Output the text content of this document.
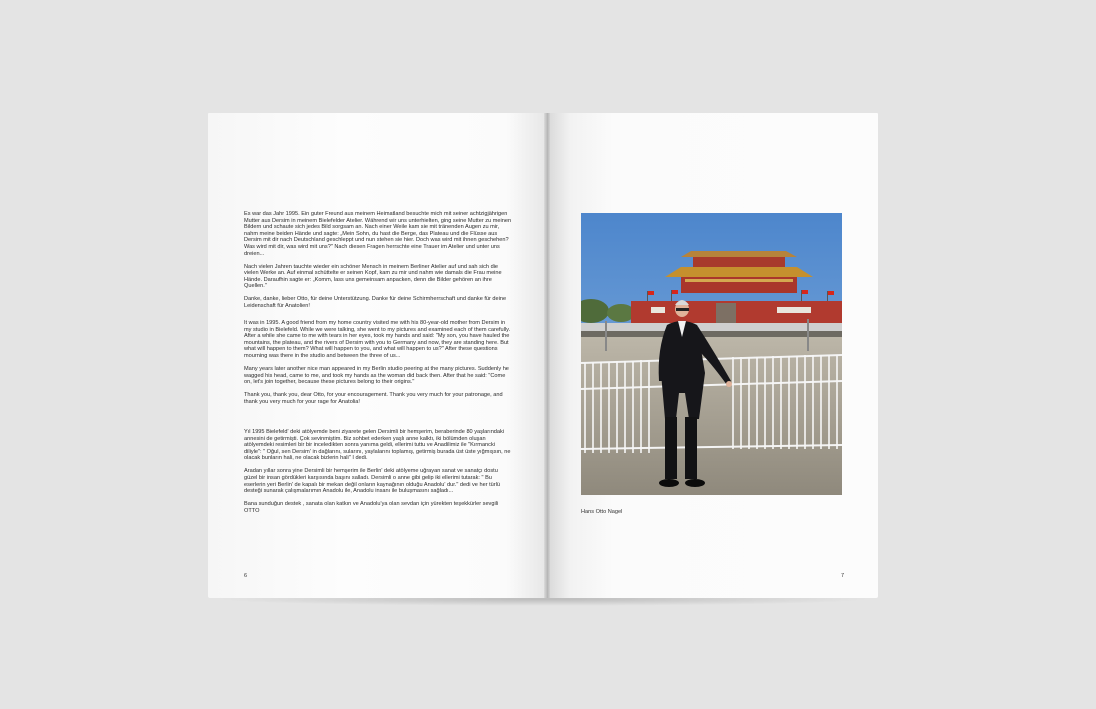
Es war das Jahr 1995. Ein guter Freund aus meinem Heimatland besuchte mich mit seiner achtzigjährigen Mutter aus Dersim in meinem Bielefelder Atelier. Während wir uns unterhielten, ging seine Mutter zu meinen Bildern und schaute sich jedes Bild sorgsam an. Nach einer Weile kam sie mit tränenden Augen zu mir, nahm meine beiden Hände und sagte: „Mein Sohn, du hast die Berge, das Plateau und die Flüsse aus Dersim mit dir nach Deutschland geschleppt und nun stehen sie hier. Doch was wird mit ihnen geschehen? Was wird mit dir, was wird mit uns?" Nach diesen Fragen herrschte eine Trauer im Atelier und unter uns dreien...

Nach vielen Jahren tauchte wieder ein schöner Mensch in meinem Berliner Atelier auf und sah sich die vielen Werke an. Auf einmal schüttelte er seinen Kopf, kam zu mir und nahm wie damals die Frau meine Hände. Daraufhin sagte er: „Komm, lass uns gemeinsam anpacken, denn die Bilder gehören an ihre Quellen."

Danke, danke, lieber Otto, für deine Unterstützung. Danke für deine Schirmherrschaft und danke für deine Leidenschaft für Anatolien!

It was in 1995. A good friend from my home country visited me with his 80-year-old mother from Dersim in my studio in Bielefeld. While we were talking, she went to my pictures and examined each of them carefully. After a while she came to me with tears in her eyes, took my hands and said: "My son, you have hauled the mountains, the plateau, and the rivers of Dersim with you to Germany and now, they are standing here. But what will happen to them? What will happen to you, and what will happen to us?" After these questions mourning was there in the studio and between the three of us...

Many years later another nice man appeared in my Berlin studio peering at the many pictures. Suddenly he wagged his head, came to me, and took my hands as the woman did back then. After that he said: "Come on, let's join together, because these pictures belong to their origins."

Thank you, thank you, dear Otto, for your encouragement. Thank you very much for your patronage, and thank you very much for your rage for Anatolia!

Yıl 1995 Bielefeld' deki atölyemde beni ziyarete gelen Dersimli bir hemşerim, beraberinde 80 yaşlarındaki annesini de getirmişti. Çok sevinmiştim. Biz sohbet ederken yaşlı anne kalktı, iki bölümden oluşan atölyemdeki resimleri bir bir inceledikten sonra yanıma geldi, ellerimi tuttu ve Anadilimiz ile "Kırmancki diliyle": " Oğul, sen Dersim' in dağlarını, sularını, yaylalarını toplamış, getirmiş burada üst üste yığmışsın, ne olacak bunların hali, ne olacak bizlerin hali" I dedi.

Aradan yıllar sonra yine Dersimli bir hemşerim ile Berlin' deki atölyeme uğrayan sanat ve sanatçı dostu güzel bir insan gördükleri karşısında başını salladı. Dersimli o anne gibi gelip iki ellerimi tutarak: " Bu eserlerin yeri Berlin' de kapalı bir mekan değil onların kaynağının olduğu Anadolu' dur." dedi ve her türlü desteği sunarak çalışmalarımın Anadolu ile, Anadolu insanı ile buluşmasını sağladı...

Bana sunduğun destek , sanata olan katkın ve Anadolu'ya olan sevdan için yürekten teşekkürler sevgili OTTO

6
Hans Otto Nagel
7
